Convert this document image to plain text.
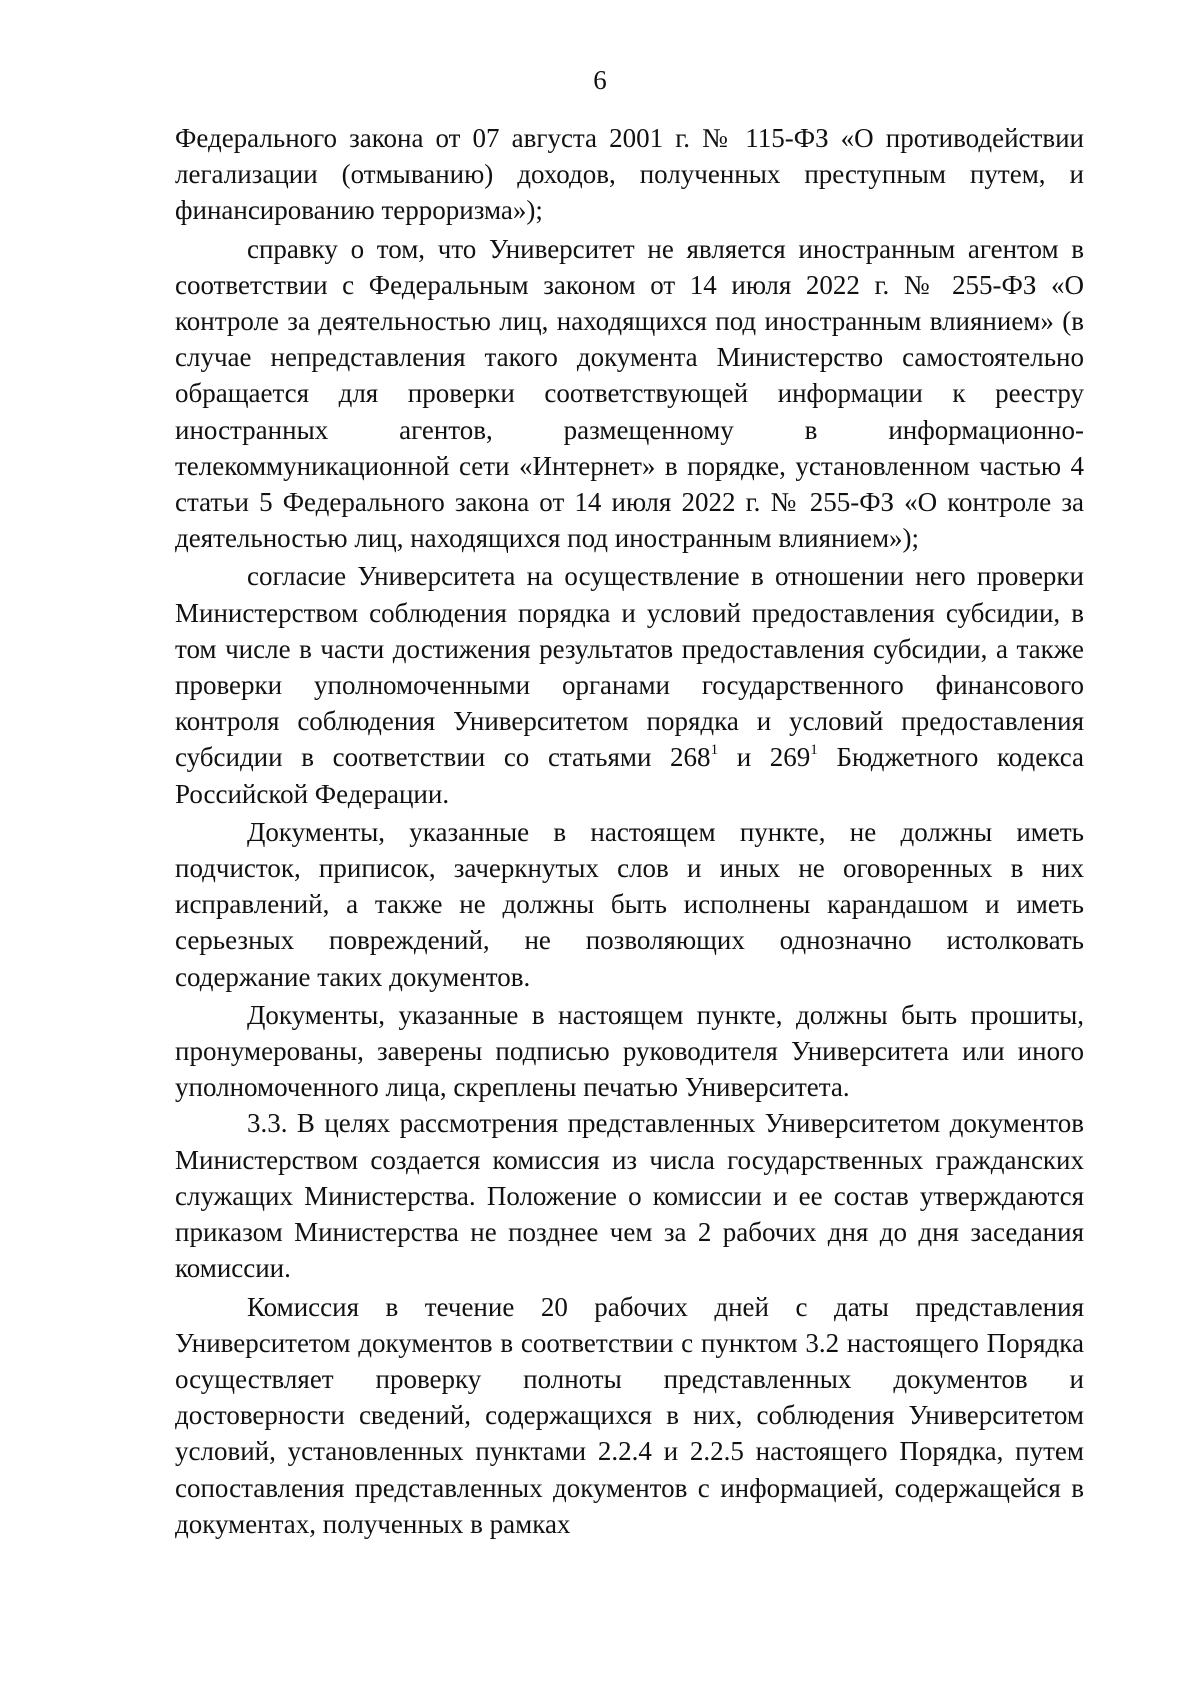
6

Федерального закона от 07 августа 2001 г. № 115-ФЗ «О противодействии легализации (отмыванию) доходов, полученных преступным путем, и финансированию терроризма»);

справку о том, что Университет не является иностранным агентом в соответствии с Федеральным законом от 14 июля 2022 г. № 255-ФЗ «О контроле за деятельностью лиц, находящихся под иностранным влиянием» (в случае непредставления такого документа Министерство самостоятельно обращается для проверки соответствующей информации к реестру иностранных агентов, размещенному в информационно-телекоммуникационной сети «Интернет» в порядке, установленном частью 4 статьи 5 Федерального закона от 14 июля 2022 г. № 255-ФЗ «О контроле за деятельностью лиц, находящихся под иностранным влиянием»);

согласие Университета на осуществление в отношении него проверки Министерством соблюдения порядка и условий предоставления субсидии, в том числе в части достижения результатов предоставления субсидии, а также проверки уполномоченными органами государственного финансового контроля соблюдения Университетом порядка и условий предоставления субсидии в соответствии со статьями $268^1$ и $269^1$ Бюджетного кодекса Российской Федерации.

Документы, указанные в настоящем пункте, не должны иметь подчисток, приписок, зачеркнутых слов и иных не оговоренных в них исправлений, а также не должны быть исполнены карандашом и иметь серьезных повреждений, не позволяющих однозначно истолковать содержание таких документов.

Документы, указанные в настоящем пункте, должны быть прошиты, пронумерованы, заверены подписью руководителя Университета или иного уполномоченного лица, скреплены печатью Университета.

3.3. В целях рассмотрения представленных Университетом документов Министерством создается комиссия из числа государственных гражданских служащих Министерства. Положение о комиссии и ее состав утверждаются приказом Министерства не позднее чем за 2 рабочих дня до дня заседания комиссии.

Комиссия в течение 20 рабочих дней с даты представления Университетом документов в соответствии с пунктом 3.2 настоящего Порядка осуществляет проверку полноты представленных документов и достоверности сведений, содержащихся в них, соблюдения Университетом условий, установленных пунктами 2.2.4 и 2.2.5 настоящего Порядка, путем сопоставления представленных документов с информацией, содержащейся в документах, полученных в рамках
